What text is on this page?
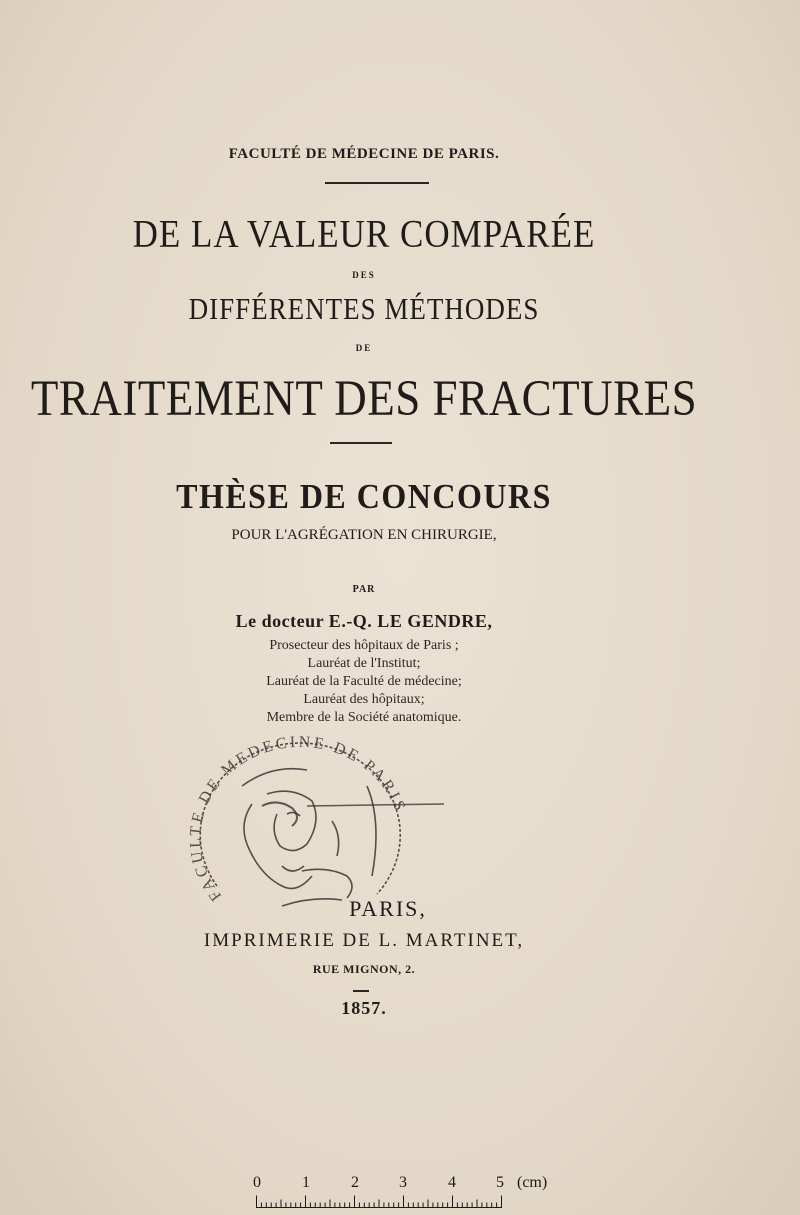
FACULTÉ DE MÉDECINE DE PARIS.
DE LA VALEUR COMPARÉE
DES
DIFFÉRENTES MÉTHODES
DE
TRAITEMENT DES FRACTURES
THÈSE DE CONCOURS
POUR L'AGRÉGATION EN CHIRURGIE,
PAR
Le docteur E.-Q. LE GENDRE,
Prosecteur des hôpitaux de Paris ;
Lauréat de l'Institut;
Lauréat de la Faculté de médecine;
Lauréat des hôpitaux;
Membre de la Société anatomique.
FACULTE DE MEDECINE DE PARIS
PARIS,
IMPRIMERIE DE L. MARTINET,
RUE MIGNON, 2.
1857.
0	1	2	3	4	5 (cm)
